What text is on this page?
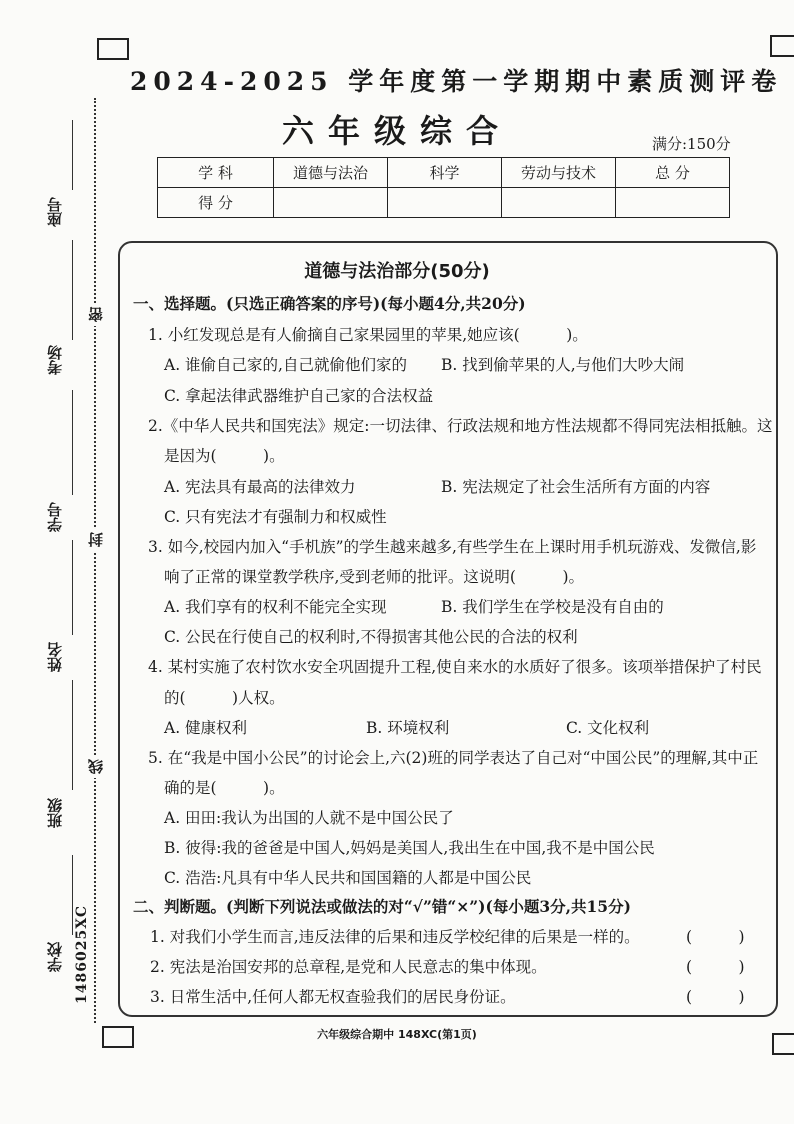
2024-2025 学年度第一学期期中素质测评卷
六年级综合	满分:150分
学 科	道德与法治	科学	劳动与技术	总 分
得 分				
座号
考场
学号
姓名
班级
学校
密
封
线
1486025XC
道德与法治部分(50分)
一、选择题。(只选正确答案的序号)(每小题4分,共20分)
1. 小红发现总是有人偷摘自己家果园里的苹果,她应该(　　　)。
A. 谁偷自己家的,自己就偷他们家的 B. 找到偷苹果的人,与他们大吵大闹
C. 拿起法律武器维护自己家的合法权益
2.《中华人民共和国宪法》规定:一切法律、行政法规和地方性法规都不得同宪法相抵触。这
是因为(　　　)。
A. 宪法具有最高的法律效力	B. 宪法规定了社会生活所有方面的内容
C. 只有宪法才有强制力和权威性
3. 如今,校园内加入“手机族”的学生越来越多,有些学生在上课时用手机玩游戏、发微信,影
响了正常的课堂教学秩序,受到老师的批评。这说明(　　　)。
A. 我们享有的权利不能完全实现	B. 我们学生在学校是没有自由的
C. 公民在行使自己的权利时,不得损害其他公民的合法的权利
4. 某村实施了农村饮水安全巩固提升工程,使自来水的水质好了很多。该项举措保护了村民
的(　　　)人权。
A. 健康权利	B. 环境权利	C. 文化权利
5. 在“我是中国小公民”的讨论会上,六(2)班的同学表达了自己对“中国公民”的理解,其中正
确的是(　　　)。
A. 田田:我认为出国的人就不是中国公民了
B. 彼得:我的爸爸是中国人,妈妈是美国人,我出生在中国,我不是中国公民
C. 浩浩:凡具有中华人民共和国国籍的人都是中国公民
二、判断题。(判断下列说法或做法的对“√”错“×”)(每小题3分,共15分)
1. 对我们小学生而言,违反法律的后果和违反学校纪律的后果是一样的。	(　　　)
2. 宪法是治国安邦的总章程,是党和人民意志的集中体现。	(　　　)
3. 日常生活中,任何人都无权查验我们的居民身份证。	(　　　)
六年级综合期中 148XC(第1页)
